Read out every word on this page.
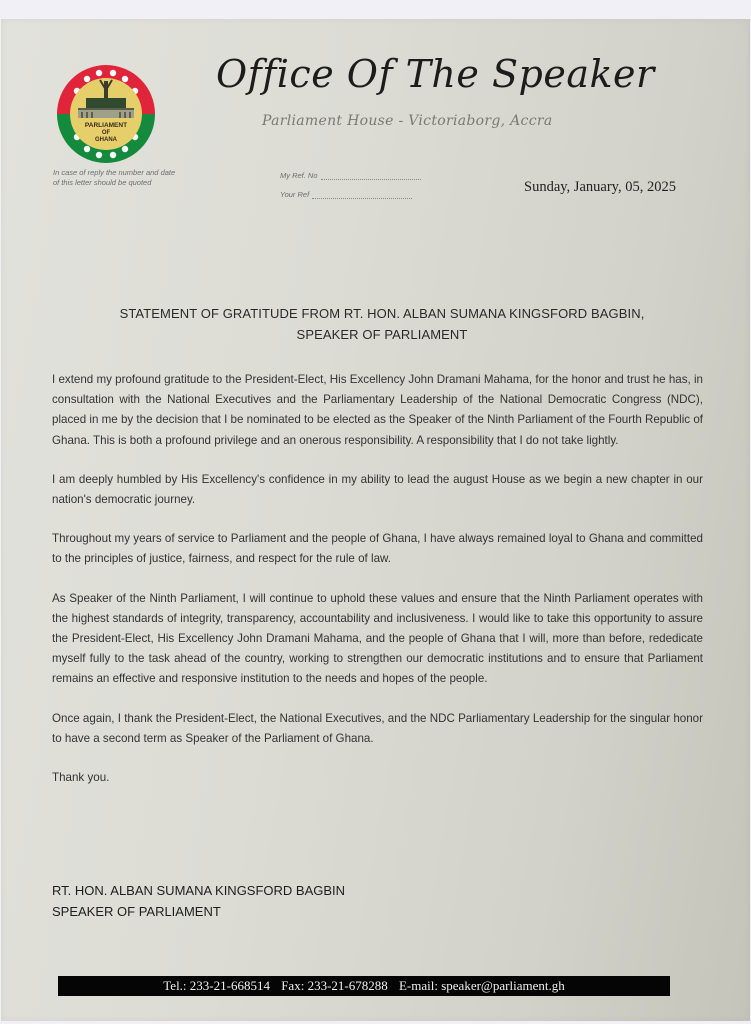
PARLIAMENT
OF
GHANA
In case of reply the number and date of this letter should be quoted
Office Of The Speaker
Parliament House - Victoriaborg, Accra
My Ref. No
Your Ref	Sunday, January, 05, 2025
STATEMENT OF GRATITUDE FROM RT. HON. ALBAN SUMANA KINGSFORD BAGBIN,
SPEAKER OF PARLIAMENT

I extend my profound gratitude to the President-Elect, His Excellency John Dramani Mahama, for the honor and trust he has, in consultation with the National Executives and the Parliamentary Leadership of the National Democratic Congress (NDC), placed in me by the decision that I be nominated to be elected as the Speaker of the Ninth Parliament of the Fourth Republic of Ghana. This is both a profound privilege and an onerous responsibility. A responsibility that I do not take lightly.

I am deeply humbled by His Excellency's confidence in my ability to lead the august House as we begin a new chapter in our nation's democratic journey.

Throughout my years of service to Parliament and the people of Ghana, I have always remained loyal to Ghana and committed to the principles of justice, fairness, and respect for the rule of law.

As Speaker of the Ninth Parliament, I will continue to uphold these values and ensure that the Ninth Parliament operates with the highest standards of integrity, transparency, accountability and inclusiveness. I would like to take this opportunity to assure the President-Elect, His Excellency John Dramani Mahama, and the people of Ghana that I will, more than before, rededicate myself fully to the task ahead of the country, working to strengthen our democratic institutions and to ensure that Parliament remains an effective and responsive institution to the needs and hopes of the people.

Once again, I thank the President-Elect, the National Executives, and the NDC Parliamentary Leadership for the singular honor to have a second term as Speaker of the Parliament of Ghana.

Thank you.

RT. HON. ALBAN SUMANA KINGSFORD BAGBIN
SPEAKER OF PARLIAMENT
Tel.: 233-21-668514 Fax: 233-21-678288 E-mail: speaker@parliament.gh
